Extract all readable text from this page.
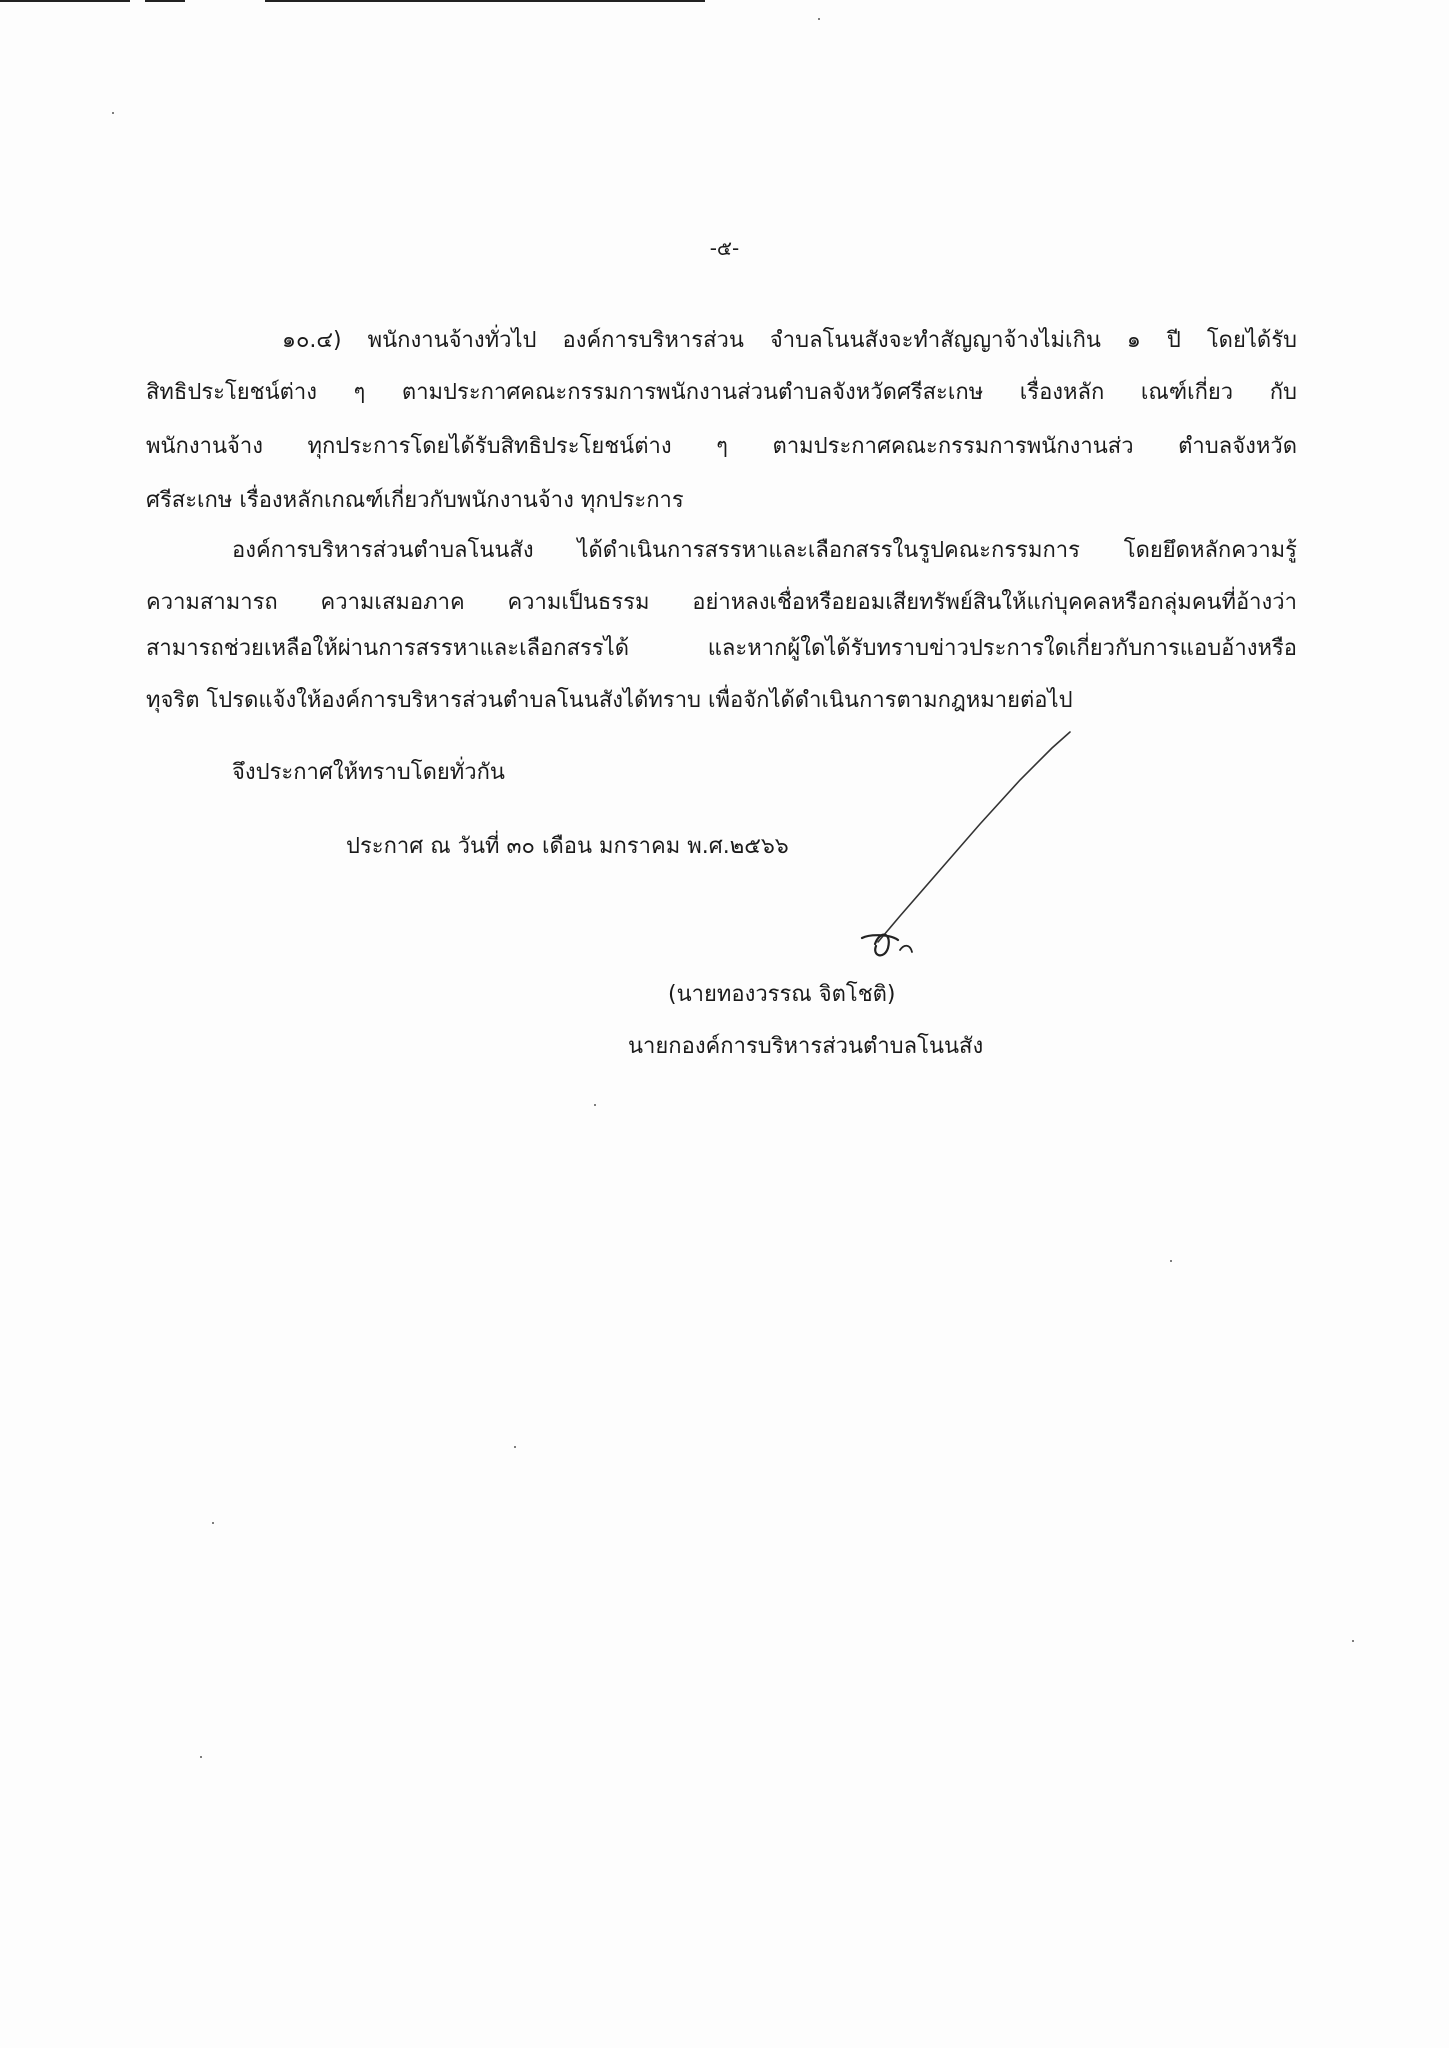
-๕-
๑๐.๔) พนักงานจ้างทั่วไป องค์การบริหารส่วน จำบลโนนสังจะทำสัญญาจ้างไม่เกิน ๑ ปี โดยได้รับ
สิทธิประโยชน์ต่าง ๆ ตามประกาศคณะกรรมการพนักงานส่วนตำบลจังหวัดศรีสะเกษ เรื่องหลัก เณฑ์เกี่ยว กับ
พนักงานจ้าง ทุกประการโดยได้รับสิทธิประโยชน์ต่าง ๆ ตามประกาศคณะกรรมการพนักงานส่ว ตำบลจังหวัด
ศรีสะเกษ เรื่องหลักเกณฑ์เกี่ยวกับพนักงานจ้าง ทุกประการ
องค์การบริหารส่วนตำบลโนนสัง ได้ดำเนินการสรรหาและเลือกสรรในรูปคณะกรรมการ โดยยึดหลักความรู้
ความสามารถ ความเสมอภาค ความเป็นธรรม อย่าหลงเชื่อหรือยอมเสียทรัพย์สินให้แก่บุคคลหรือกลุ่มคนที่อ้างว่า
สามารถช่วยเหลือให้ผ่านการสรรหาและเลือกสรรได้ และหากผู้ใดได้รับทราบข่าวประการใดเกี่ยวกับการแอบอ้างหรือ
ทุจริต โปรดแจ้งให้องค์การบริหารส่วนตำบลโนนสังได้ทราบ เพื่อจักได้ดำเนินการตามกฎหมายต่อไป
จึงประกาศให้ทราบโดยทั่วกัน
ประกาศ ณ วันที่ ๓๐ เดือน มกราคม พ.ศ.๒๕๖๖
(นายทองวรรณ จิตโชติ)
นายกองค์การบริหารส่วนตำบลโนนสัง
